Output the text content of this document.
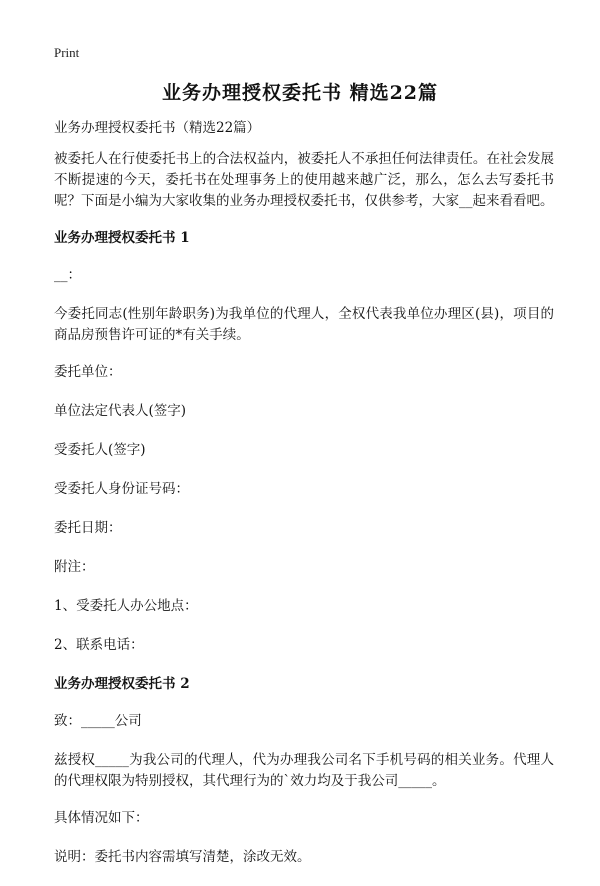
Print
业务办理授权委托书 精选22篇
业务办理授权委托书（精选22篇）
被委托人在行使委托书上的合法权益内，被委托人不承担任何法律责任。在社会发展不断提速的今天，委托书在处理事务上的使用越来越广泛，那么，怎么去写委托书呢？下面是小编为大家收集的业务办理授权委托书，仅供参考，大家__起来看看吧。
业务办理授权委托书 1
__：
今委托同志(性别年龄职务)为我单位的代理人，全权代表我单位办理区(县)，项目的商品房预售许可证的*有关手续。
委托单位：
单位法定代表人(签字)
受委托人(签字)
受委托人身份证号码：
委托日期：
附注：
1、受委托人办公地点：
2、联系电话：
业务办理授权委托书 2
致：_____公司
兹授权_____为我公司的代理人，代为办理我公司名下手机号码的相关业务。代理人的代理权限为特别授权，其代理行为的`效力均及于我公司_____。
具体情况如下：
说明：委托书内容需填写清楚，涂改无效。
